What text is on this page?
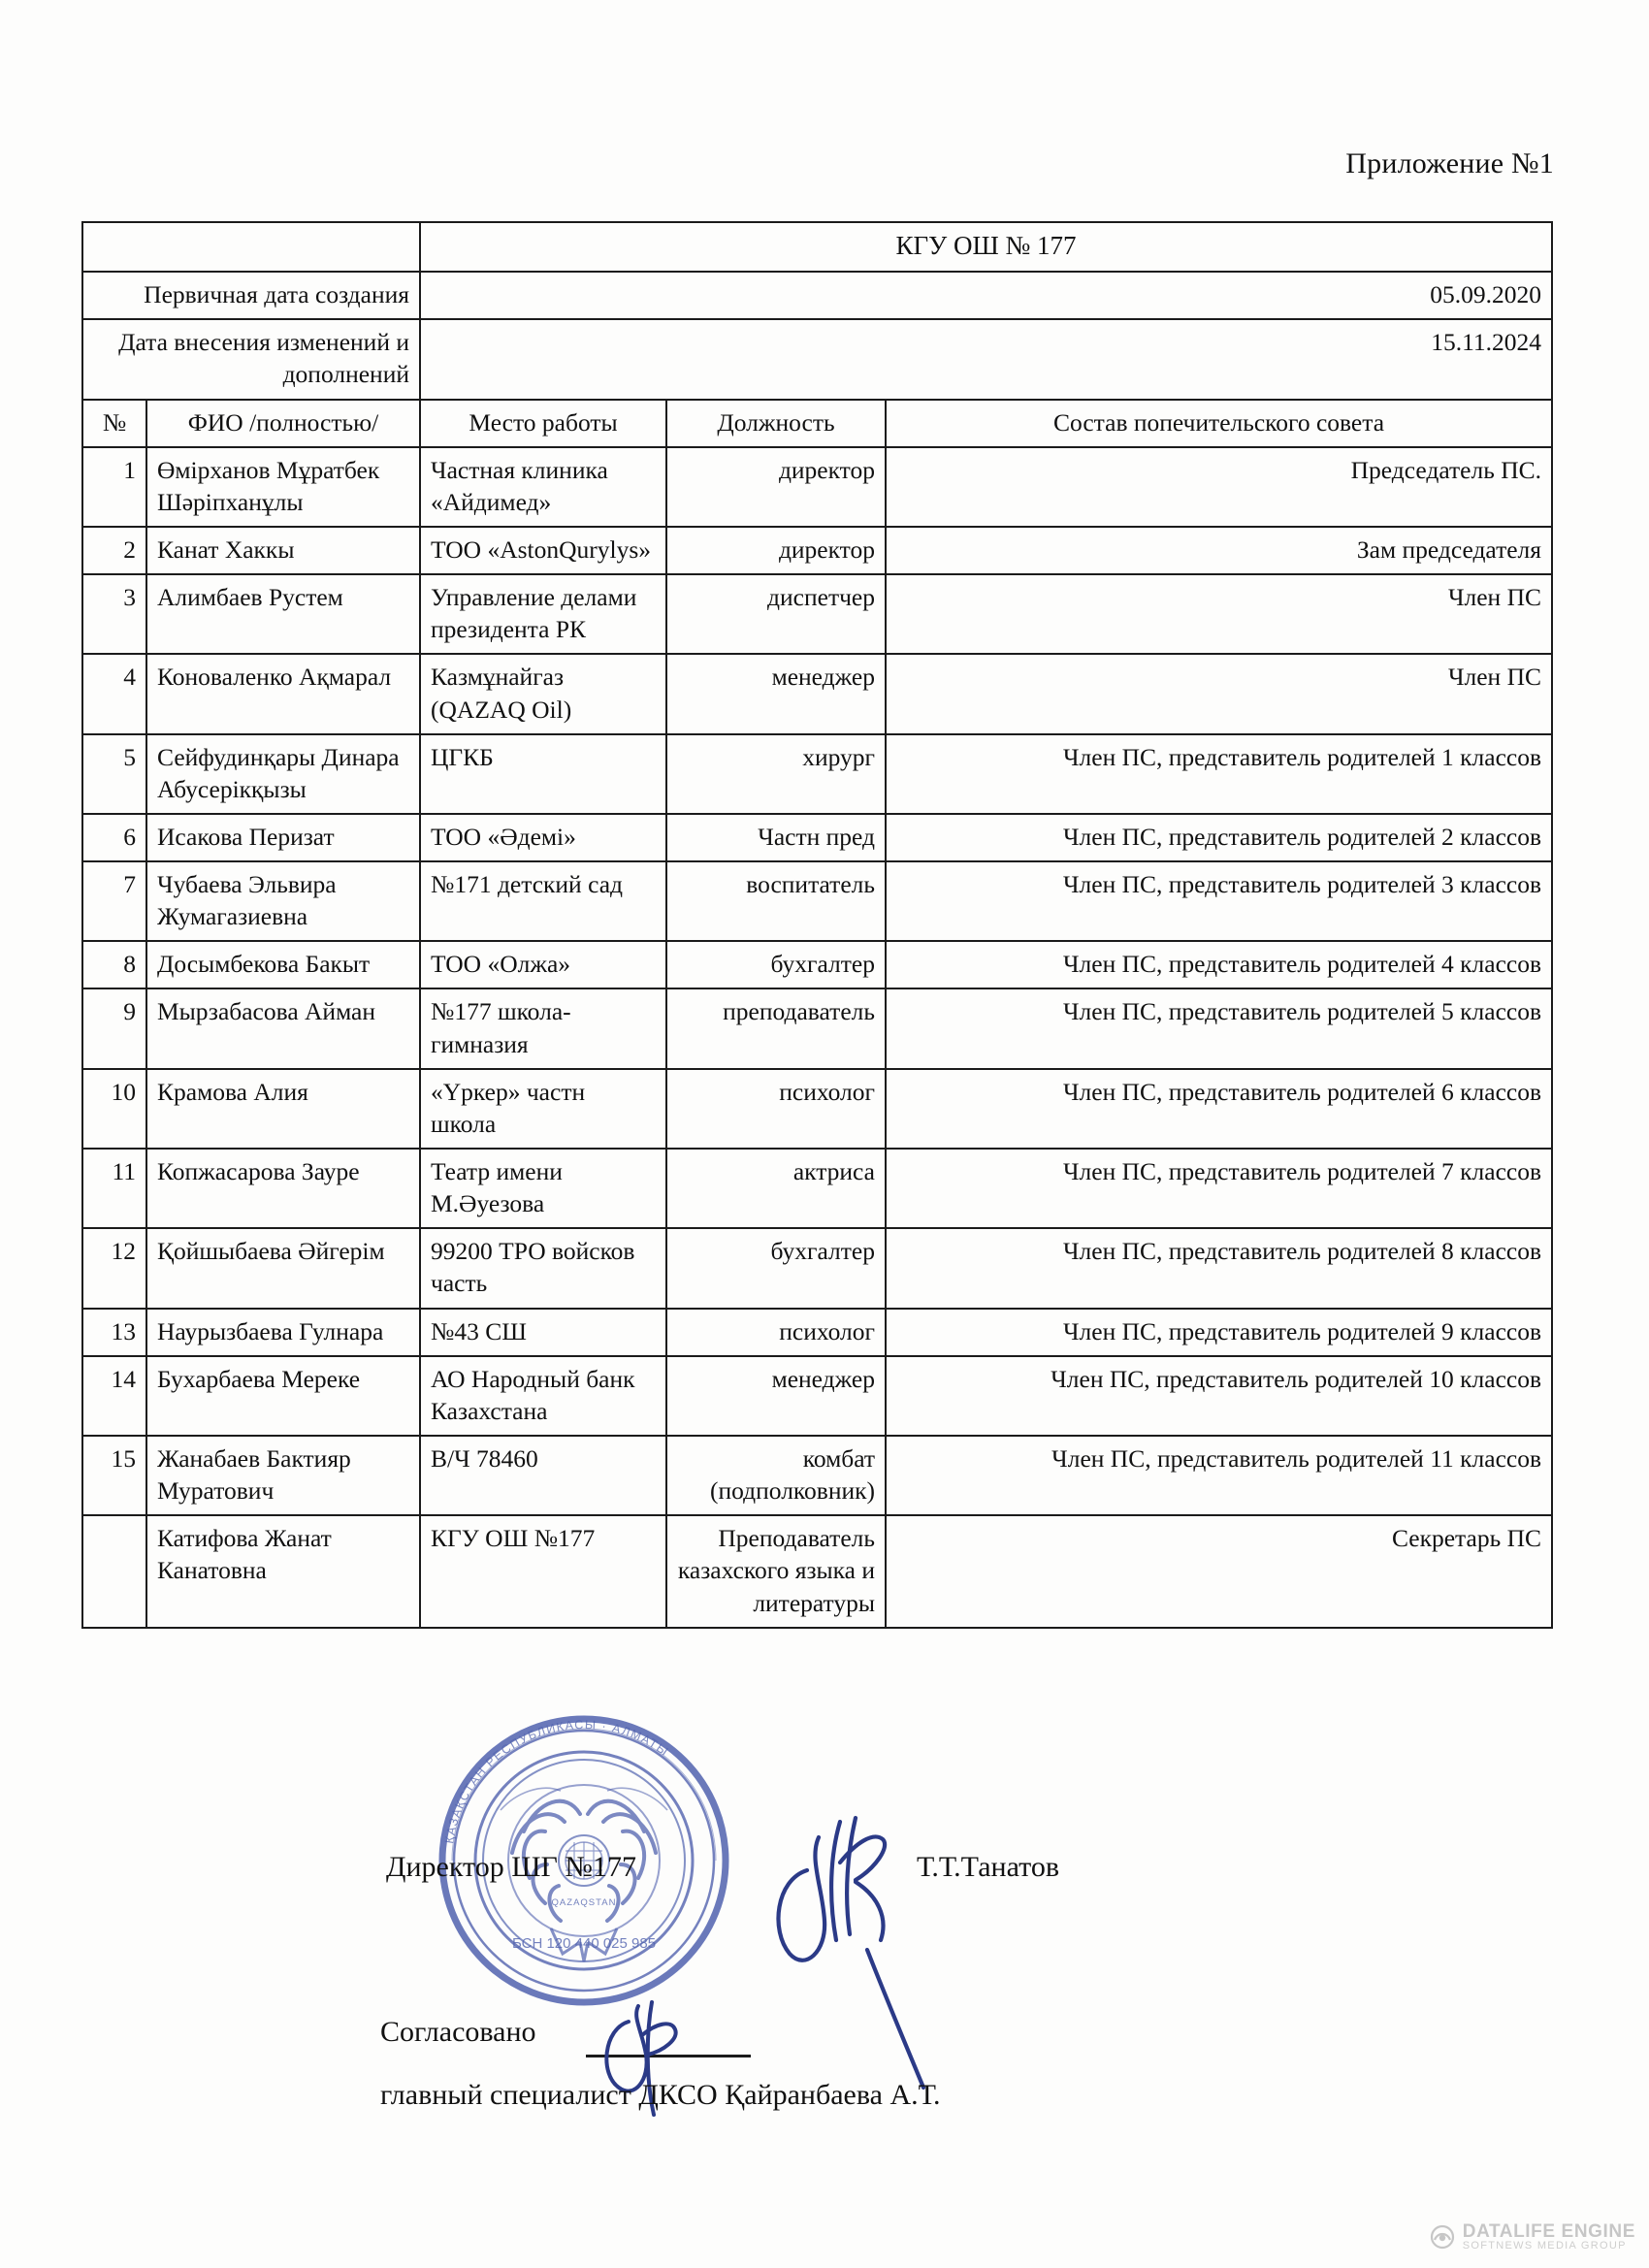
Приложение №1
		КГУ ОШ № 177		
Первичная дата создания		05.09.2020		
Дата внесения изменений и дополнений		15.11.2024		
№	ФИО /полностью/	Место работы	Должность	Состав попечительского совета
1	Өмірханов Мұратбек Шәріпханұлы	Частная клиника «Айдимед»	директор	Председатель ПС.
2	Канат Хаккы	ТОО «AstonQurylys»	директор	Зам председателя
3	Алимбаев Рустем	Управление делами президента РК	диспетчер	Член ПС
4	Коноваленко Ақмарал	Казмұнайгаз (QAZAQ Oil)	менеджер	Член ПС
5	Сейфудинқары Динара Абусерікқызы	ЦГКБ	хирург	Член ПС, представитель родителей 1 классов
6	Исакова Перизат	ТОО «Әдемі»	Частн пред	Член ПС, представитель родителей 2 классов
7	Чубаева Эльвира Жумагазиевна	№171 детский сад	воспитатель	Член ПС, представитель родителей 3 классов
8	Досымбекова Бакыт	ТОО «Олжа»	бухгалтер	Член ПС, представитель родителей 4 классов
9	Мырзабасова Айман	№177 школа-гимназия	преподаватель	Член ПС, представитель родителей 5 классов
10	Крамова Алия	«Үркер» частн школа	психолог	Член ПС, представитель родителей 6 классов
11	Копжасарова Зауре	Театр имени М.Әуезова	актриса	Член ПС, представитель родителей 7 классов
12	Қойшыбаева Әйгерім	99200 ТРО войсков часть	бухгалтер	Член ПС, представитель родителей 8 классов
13	Наурызбаева Гулнара	№43 СШ	психолог	Член ПС, представитель родителей 9 классов
14	Бухарбаева Мереке	АО Народный банк Казахстана	менеджер	Член ПС, представитель родителей 10 классов
15	Жанабаев Бактияр Муратович	В/Ч 78460	комбат (подполковник)	Член ПС, представитель родителей 11 классов
	Катифова Жанат Канатовна	КГУ ОШ №177	Преподаватель казахского языка и литературы	Секретарь ПС
БСН 120 440 025 985
QAZAQSTAN
ҚАЗАҚСТАН РЕСПУБЛИКАСЫ · АЛМАТЫ
Директор ШГ №177	Т.Т.Танатов
Согласовано
главный специалист ДКСО Қайранбаева А.Т.
DATALIFE ENGINE
SOFTNEWS MEDIA GROUP
